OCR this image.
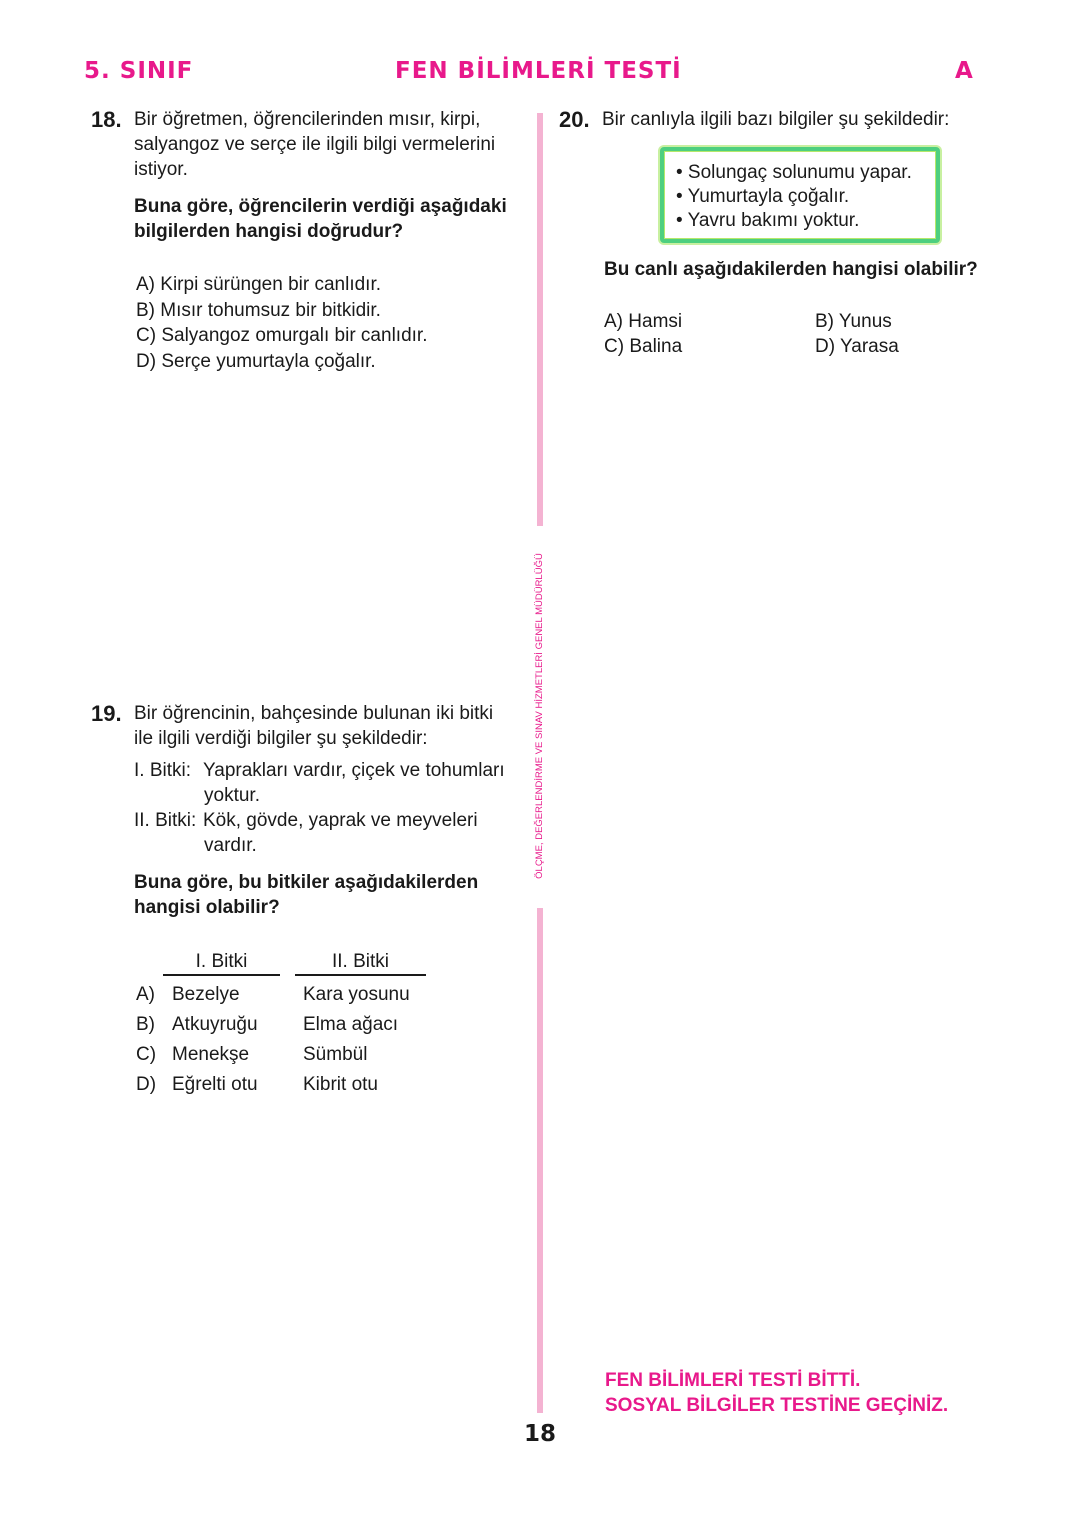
5. SINIF	FEN BİLİMLERİ TESTİ	A
ÖLÇME, DEĞERLENDİRME VE SINAV HİZMETLERİ GENEL MÜDÜRLÜĞÜ
18. Bir öğretmen, öğrencilerinden mısır, kirpi,
salyangoz ve serçe ile ilgili bilgi vermelerini
istiyor.
Buna göre, öğrencilerin verdiği aşağıdaki
bilgilerden hangisi doğrudur?
A) Kirpi sürüngen bir canlıdır.
B) Mısır tohumsuz bir bitkidir.
C) Salyangoz omurgalı bir canlıdır.
D) Serçe yumurtayla çoğalır.
19. Bir öğrencinin, bahçesinde bulunan iki bitki
ile ilgili verdiği bilgiler şu şekildedir:
I. Bitki: Yaprakları vardır, çiçek ve tohumları
yoktur.
II. Bitki: Kök, gövde, yaprak ve meyveleri
vardır.
Buna göre, bu bitkiler aşağıdakilerden
hangisi olabilir?
I. Bitki	II. Bitki
A)	Bezelye	Kara yosunu
B)	Atkuyruğu	Elma ağacı
C)	Menekşe	Sümbül
D)	Eğrelti otu	Kibrit otu
20. Bir canlıyla ilgili bazı bilgiler şu şekildedir:
• Solungaç solunumu yapar.
• Yumurtayla çoğalır.
• Yavru bakımı yoktur.
Bu canlı aşağıdakilerden hangisi olabilir?
A) Hamsi	B) Yunus
C) Balina	D) Yarasa
FEN BİLİMLERİ TESTİ BİTTİ.
SOSYAL BİLGİLER TESTİNE GEÇİNİZ.
18
